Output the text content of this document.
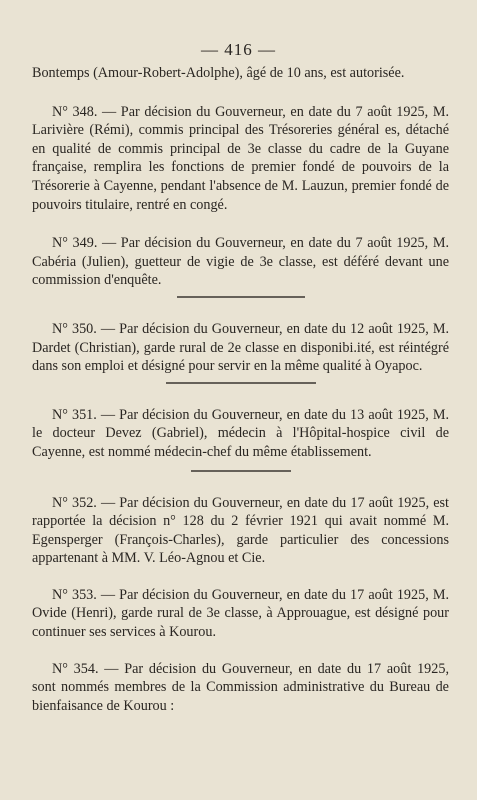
— 416 —

Bontemps (Amour-Robert-Adolphe), âgé de 10 ans, est autorisée.

N° 348. — Par décision du Gouverneur, en date du 7 août 1925, M. Larivière (Rémi), commis principal des Trésoreries général es, détaché en qualité de commis principal de 3e classe du cadre de la Guyane française, remplira les fonctions de premier fondé de pouvoirs de la Trésorerie à Cayenne, pendant l'absence de M. Lauzun, premier fondé de pouvoirs titulaire, rentré en congé.

N° 349. — Par décision du Gouverneur, en date du 7 août 1925, M. Cabéria (Julien), guetteur de vigie de 3e classe, est déféré devant une commission d'enquête.

N° 350. — Par décision du Gouverneur, en date du 12 août 1925, M. Dardet (Christian), garde rural de 2e classe en disponibi.ité, est réintégré dans son emploi et désigné pour servir en la même qualité à Oyapoc.

N° 351. — Par décision du Gouverneur, en date du 13 août 1925, M. le docteur Devez (Gabriel), médecin à l'Hôpital-hospice civil de Cayenne, est nommé médecin-chef du même établissement.

N° 352. — Par décision du Gouverneur, en date du 17 août 1925, est rapportée la décision n° 128 du 2 février 1921 qui avait nommé M. Egensperger (François-Charles), garde particulier des concessions appartenant à MM. V. Léo-Agnou et Cie.

N° 353. — Par décision du Gouverneur, en date du 17 août 1925, M. Ovide (Henri), garde rural de 3e classe, à Approuague, est désigné pour continuer ses services à Kourou.

N° 354. — Par décision du Gouverneur, en date du 17 août 1925, sont nommés membres de la Commission administrative du Bureau de bienfaisance de Kourou :
